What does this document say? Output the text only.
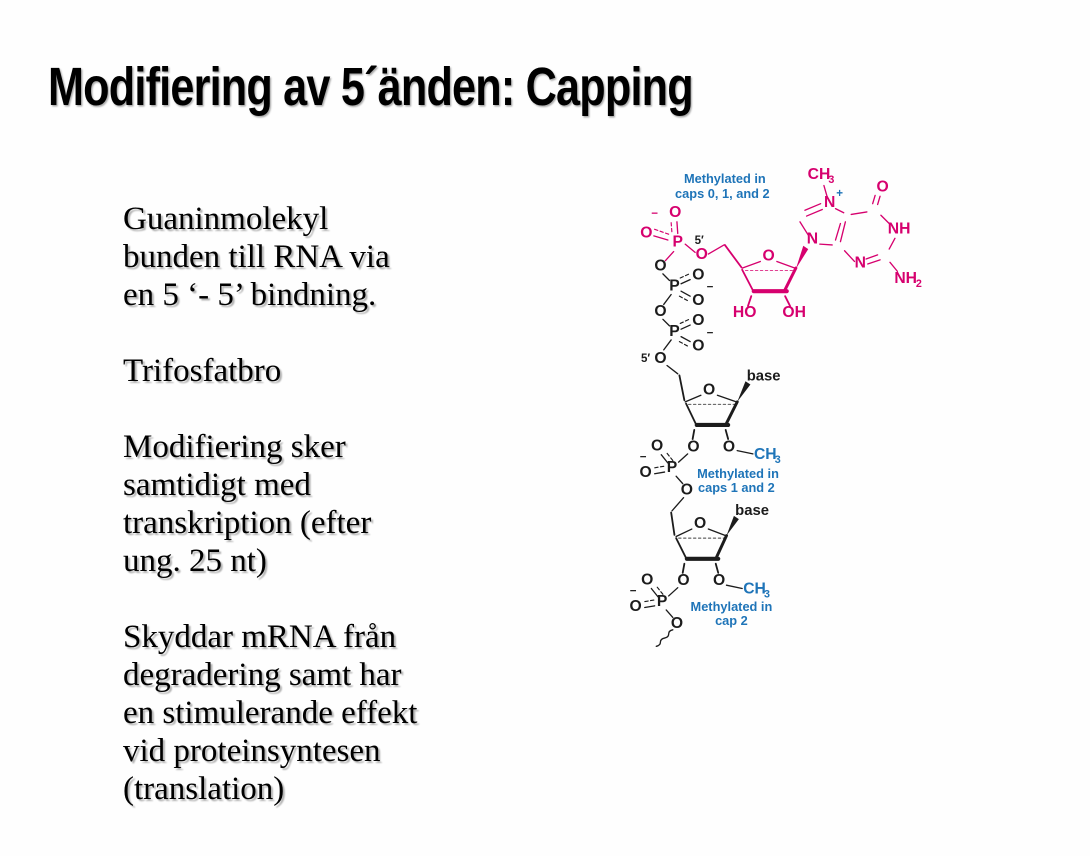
Modifiering av 5´änden: Capping

Guaninmolekyl
bunden till RNA via
en 5 ‘- 5’ bindning.

Trifosfatbro

Modifiering sker
samtidigt med
transkription (efter
ung. 25 nt)

Skyddar mRNA från
degradering samt har
en stimulerande effekt
vid proteinsyntesen
(translation)

− O
O
P 5′
O	O
HO OH
CH
3
N +
N
O
NH
N
NH
2
Methylated in
caps 0, 1, and 2
O
P
O
O
−
O
P
O
O
−
5′ O
O
base
O O CH
3
Methylated in
caps 1 and 2
P
O
−
O
O
O
base
O O CH
3
Methylated in
cap 2
P
O
−
O
O
